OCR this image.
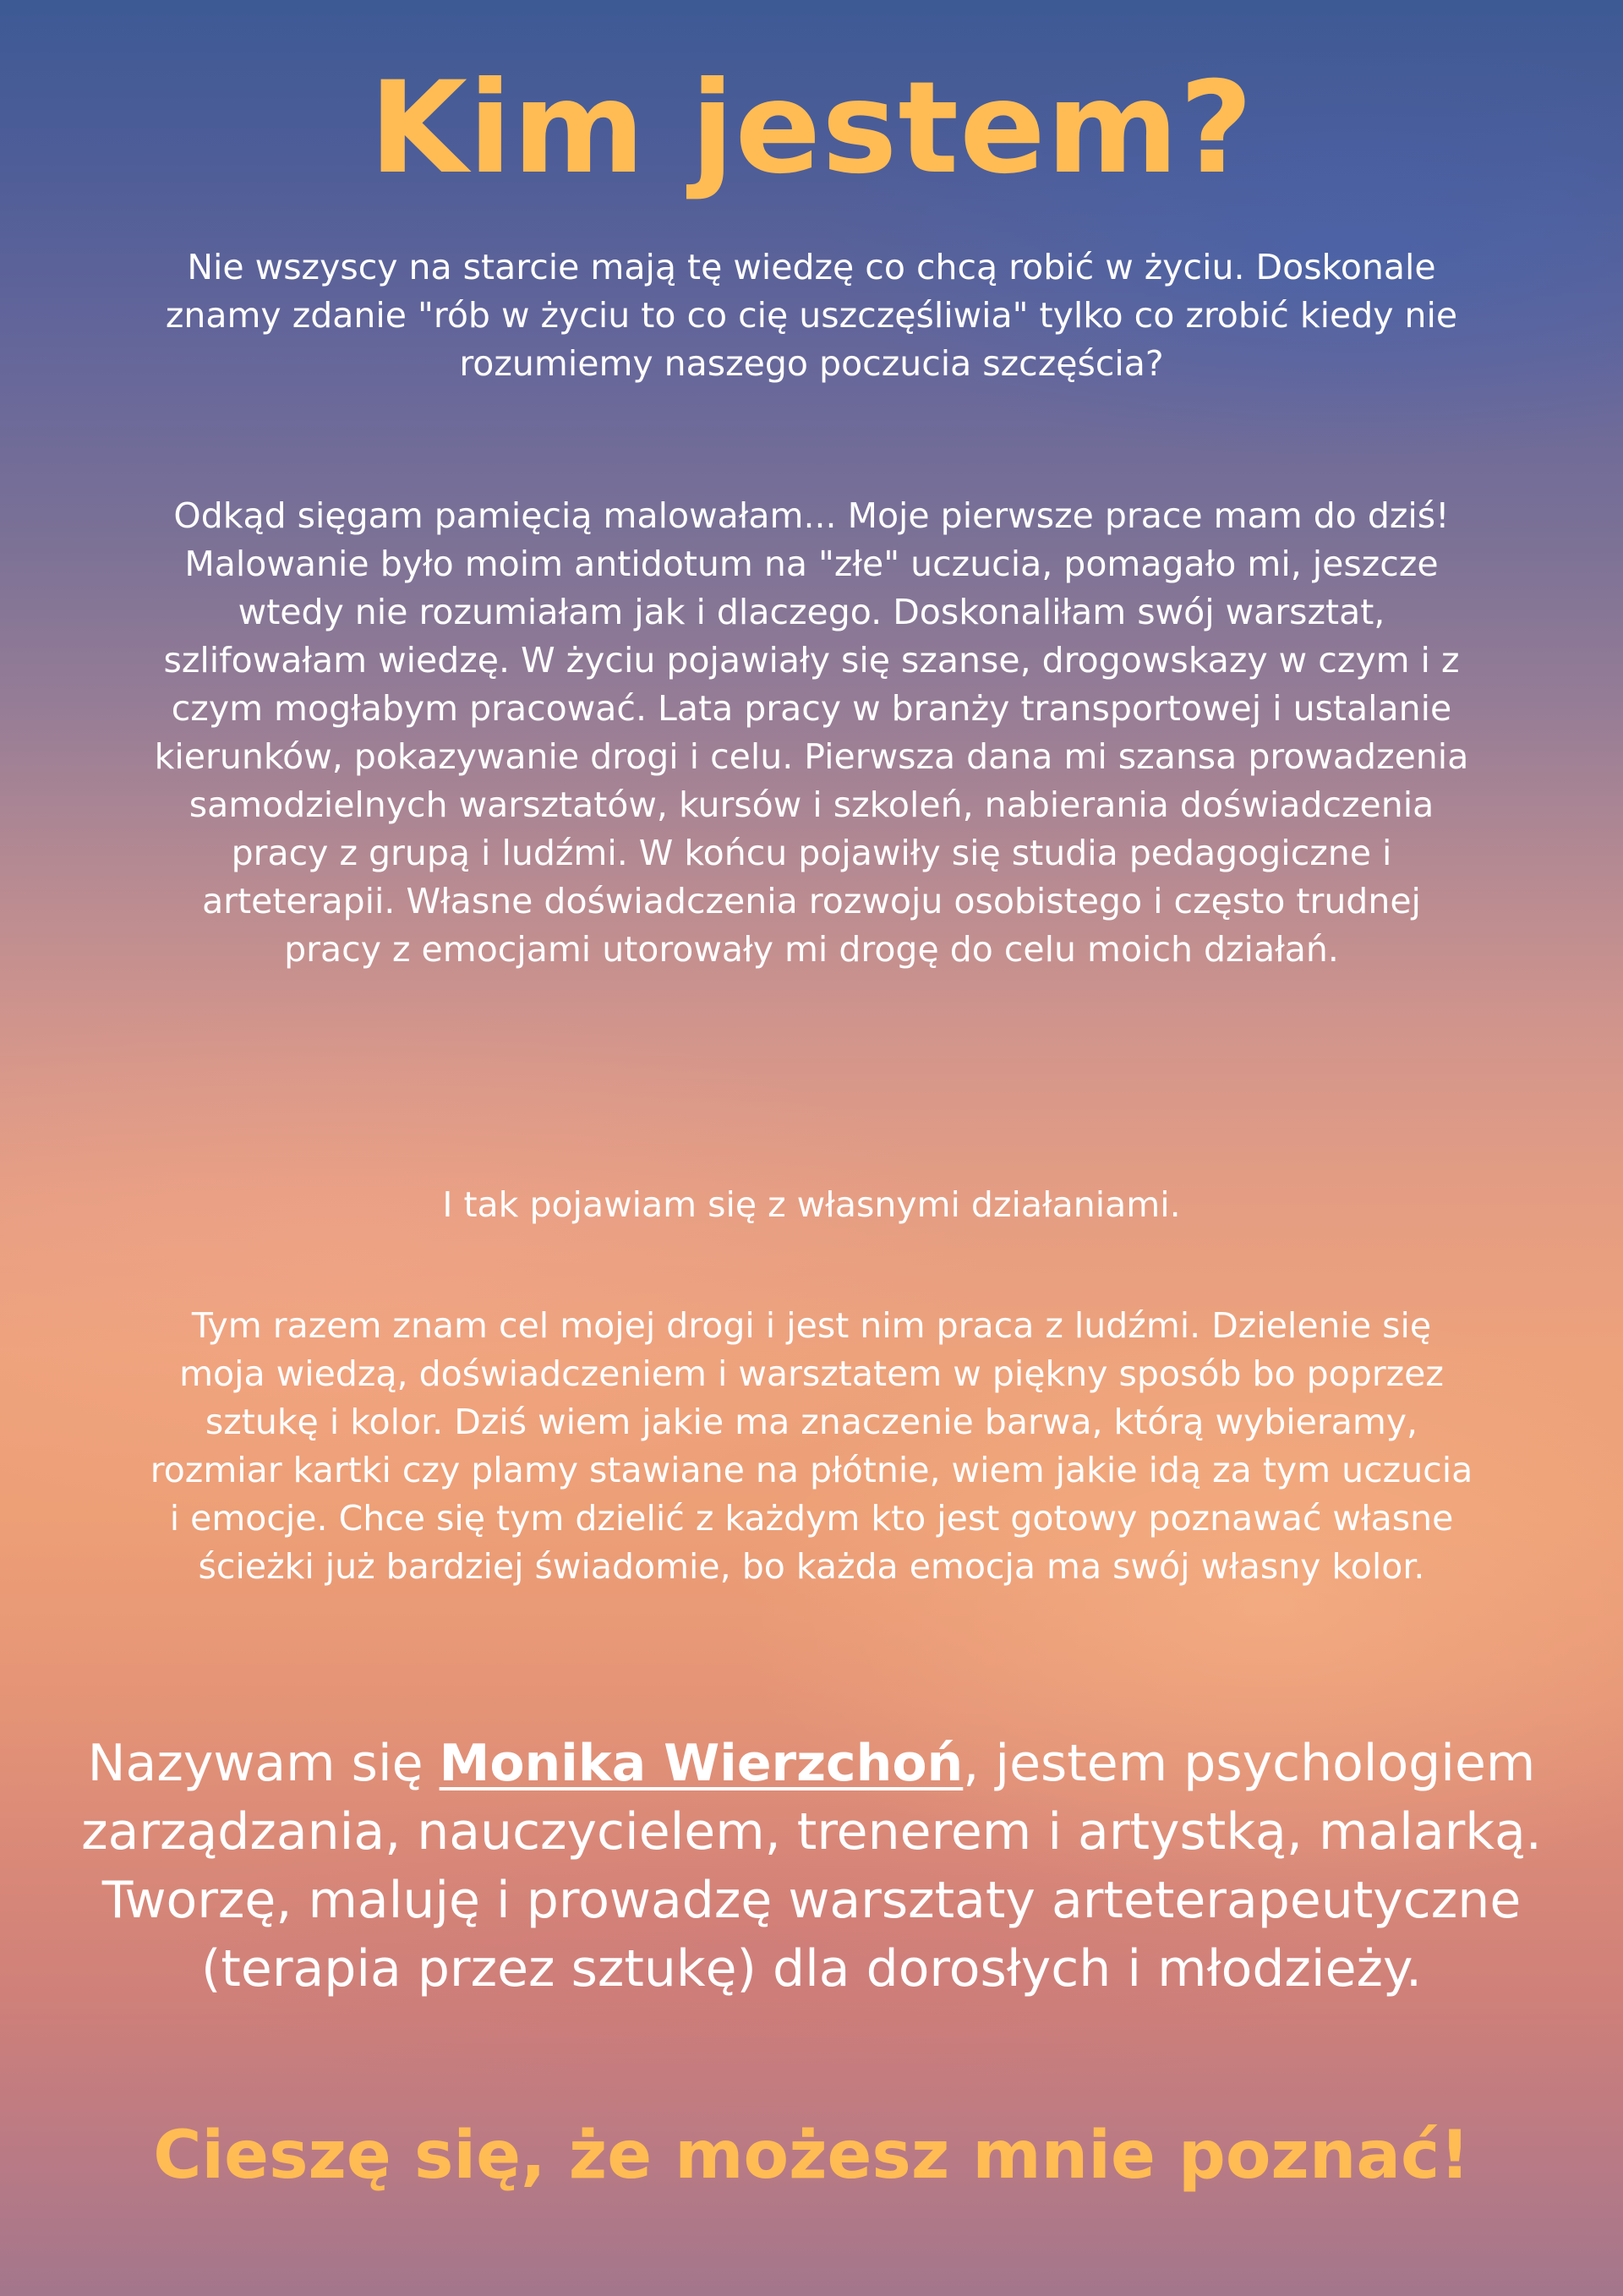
Kim jestem?

Nie wszyscy na starcie mają tę wiedzę co chcą robić w życiu. Doskonale
znamy zdanie "rób w życiu to co cię uszczęśliwia" tylko co zrobić kiedy nie
rozumiemy naszego poczucia szczęścia?

Odkąd sięgam pamięcią malowałam... Moje pierwsze prace mam do dziś!
Malowanie było moim antidotum na "złe" uczucia, pomagało mi, jeszcze
wtedy nie rozumiałam jak i dlaczego. Doskonaliłam swój warsztat,
szlifowałam wiedzę. W życiu pojawiały się szanse, drogowskazy w czym i z
czym mogłabym pracować. Lata pracy w branży transportowej i ustalanie
kierunków, pokazywanie drogi i celu. Pierwsza dana mi szansa prowadzenia
samodzielnych warsztatów, kursów i szkoleń, nabierania doświadczenia
pracy z grupą i ludźmi. W końcu pojawiły się studia pedagogiczne i
arteterapii. Własne doświadczenia rozwoju osobistego i często trudnej
pracy z emocjami utorowały mi drogę do celu moich działań.

I tak pojawiam się z własnymi działaniami.

Tym razem znam cel mojej drogi i jest nim praca z ludźmi. Dzielenie się
moja wiedzą, doświadczeniem i warsztatem w piękny sposób bo poprzez
sztukę i kolor. Dziś wiem jakie ma znaczenie barwa, którą wybieramy,
rozmiar kartki czy plamy stawiane na płótnie, wiem jakie idą za tym uczucia
i emocje. Chce się tym dzielić z każdym kto jest gotowy poznawać własne
ścieżki już bardziej świadomie, bo każda emocja ma swój własny kolor.

Nazywam się Monika Wierzchoń, jestem psychologiem zarządzania, nauczycielem, trenerem i artystką, malarką. Tworzę, maluję i prowadzę warsztaty arteterapeutyczne (terapia przez sztukę) dla dorosłych i młodzieży.

Cieszę się, że możesz mnie poznać!
